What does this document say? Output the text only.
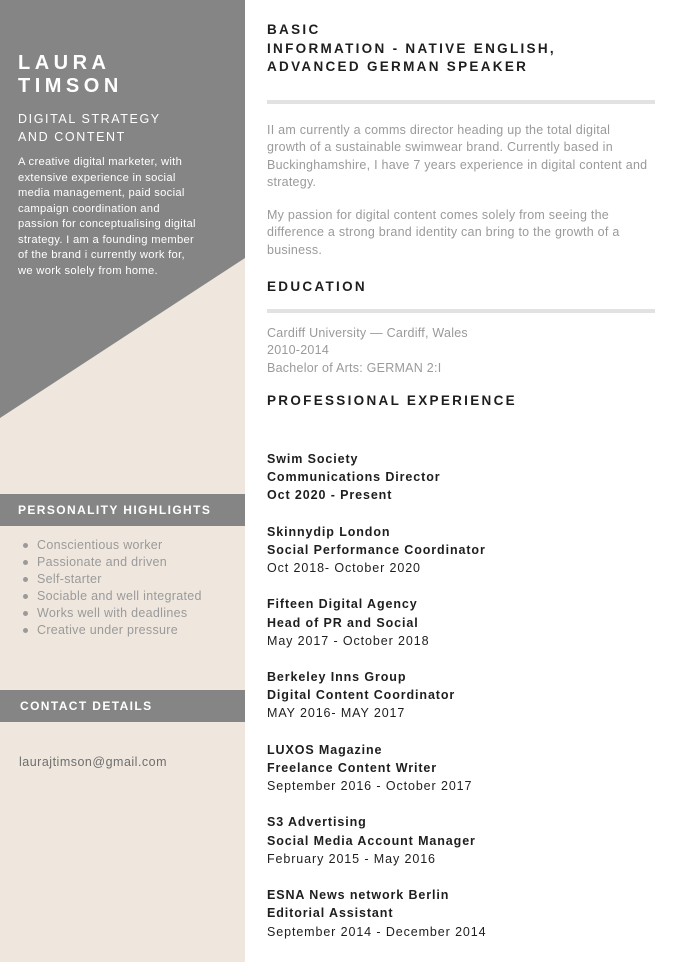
LAURA
TIMSON
DIGITAL STRATEGY
AND CONTENT

A creative digital marketer, with extensive experience in social media management, paid social campaign coordination and passion for conceptualising digital strategy. I am a founding member of the brand i currently work for, we work solely from home.

PERSONALITY HIGHLIGHTS
Conscientious worker
Passionate and driven
Self-starter
Sociable and well integrated
Works well with deadlines
Creative under pressure
CONTACT DETAILS

laurajtimson@gmail.com

BASIC
INFORMATION - NATIVE ENGLISH,
ADVANCED GERMAN SPEAKER

II am currently a comms director heading up the total digital growth of a sustainable swimwear brand. Currently based in Buckinghamshire, I have 7 years experience in digital content and strategy.

My passion for digital content comes solely from seeing the difference a strong brand identity can bring to the growth of a business.

EDUCATION

Cardiff University — Cardiff, Wales
2010-2014
Bachelor of Arts: GERMAN 2:I

PROFESSIONAL EXPERIENCE
Swim Society
Communications Director
Oct 2020 - Present
Skinnydip London
Social Performance Coordinator
Oct 2018- October 2020
Fifteen Digital Agency
Head of PR and Social
May 2017 - October 2018
Berkeley Inns Group
Digital Content Coordinator
MAY 2016- MAY 2017
LUXOS Magazine
Freelance Content Writer
September 2016 - October 2017
S3 Advertising
Social Media Account Manager
February 2015 - May 2016
ESNA News network Berlin
Editorial Assistant
September 2014 - December 2014
